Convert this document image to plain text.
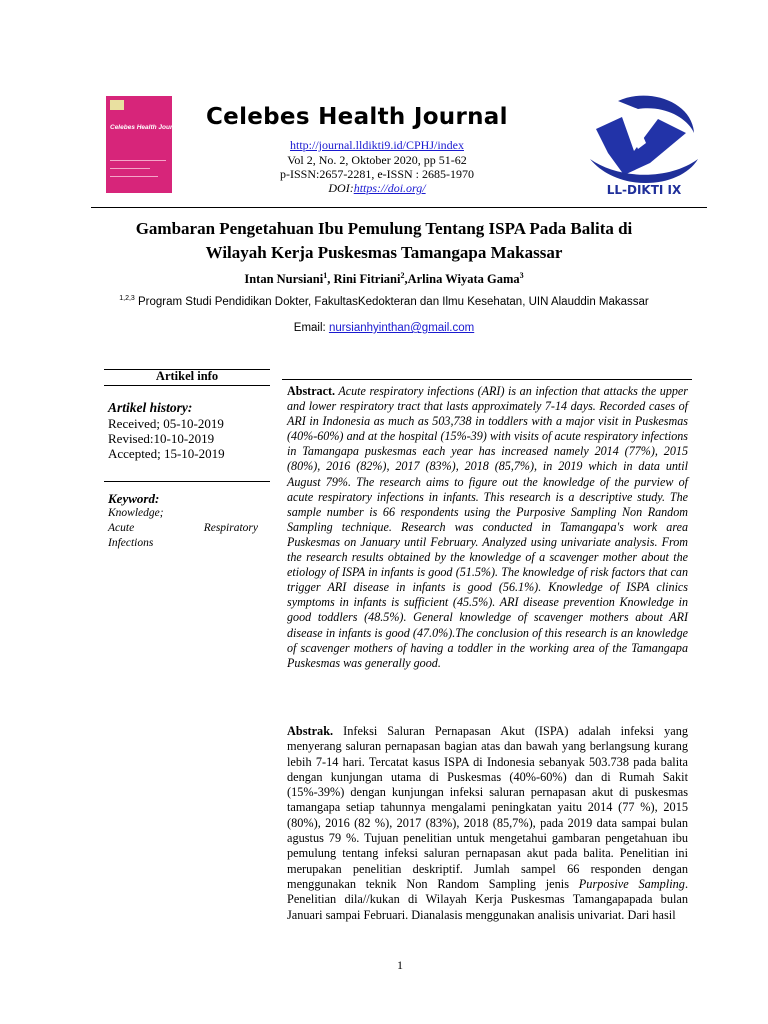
Celebes Health Journal Celebes Health Journal
http://journal.lldikti9.id/CPHJ/index
Vol 2, No. 2, Oktober 2020, pp 51-62
p-ISSN:2657-2281, e-ISSN : 2685-1970
DOI:https://doi.org/	LL-DIKTI IX
Gambaran Pengetahuan Ibu Pemulung Tentang ISPA Pada Balita di
Wilayah Kerja Puskesmas Tamangapa Makassar
Intan Nursiani$^1$, Rini Fitriani$^2$,Arlina Wiyata Gama$^3$
$^{1,2,3}$ Program Studi Pendidikan Dokter, FakultasKedokteran dan Ilmu Kesehatan, UIN Alauddin Makassar
Email: nursianhyinthan@gmail.com
Artikel info
Artikel history:
Received; 05-10-2019
Revised:10-10-2019
Accepted; 15-10-2019
Keyword:
Knowledge;
Acute Respiratory
Infections
Abstract. Acute respiratory infections (ARI) is an infection that attacks the upper and lower respiratory tract that lasts approximately 7-14 days. Recorded cases of ARI in Indonesia as much as 503,738 in toddlers with a major visit in Puskesmas (40%-60%) and at the hospital (15%-39) with visits of acute respiratory infections in Tamangapa puskesmas each year has increased namely 2014 (77%), 2015 (80%), 2016 (82%), 2017 (83%), 2018 (85,7%), in 2019 which in data until August 79%. The research aims to figure out the knowledge of the purview of acute respiratory infections in infants. This research is a descriptive study. The sample number is 66 respondents using the Purposive Sampling Non Random Sampling technique. Research was conducted in Tamangapa's work area Puskesmas on January until February. Analyzed using univariate analysis. From the research results obtained by the knowledge of a scavenger mother about the etiology of ISPA in infants is good (51.5%). The knowledge of risk factors that can trigger ARI disease in infants is good (56.1%). Knowledge of ISPA clinics symptoms in infants is sufficient (45.5%). ARI disease prevention Knowledge in good toddlers (48.5%). General knowledge of scavenger mothers about ARI disease in infants is good (47.0%).The conclusion of this research is an knowledge of scavenger mothers of having a toddler in the working area of the Tamangapa Puskesmas was generally good.
Abstrak. Infeksi Saluran Pernapasan Akut (ISPA) adalah infeksi yang menyerang saluran pernapasan bagian atas dan bawah yang berlangsung kurang lebih 7-14 hari. Tercatat kasus ISPA di Indonesia sebanyak 503.738 pada balita dengan kunjungan utama di Puskesmas (40%-60%) dan di Rumah Sakit (15%-39%) dengan kunjungan infeksi saluran pernapasan akut di puskesmas tamangapa setiap tahunnya mengalami peningkatan yaitu 2014 (77 %), 2015 (80%), 2016 (82 %), 2017 (83%), 2018 (85,7%), pada 2019 data sampai bulan agustus 79 %. Tujuan penelitian untuk mengetahui gambaran pengetahuan ibu pemulung tentang infeksi saluran pernapasan akut pada balita. Penelitian ini merupakan penelitian deskriptif. Jumlah sampel 66 responden dengan menggunakan teknik Non Random Sampling jenis Purposive Sampling. Penelitian dila//kukan di Wilayah Kerja Puskesmas Tamangapapada bulan Januari sampai Februari. Dianalasis menggunakan analisis univariat. Dari hasil
1
